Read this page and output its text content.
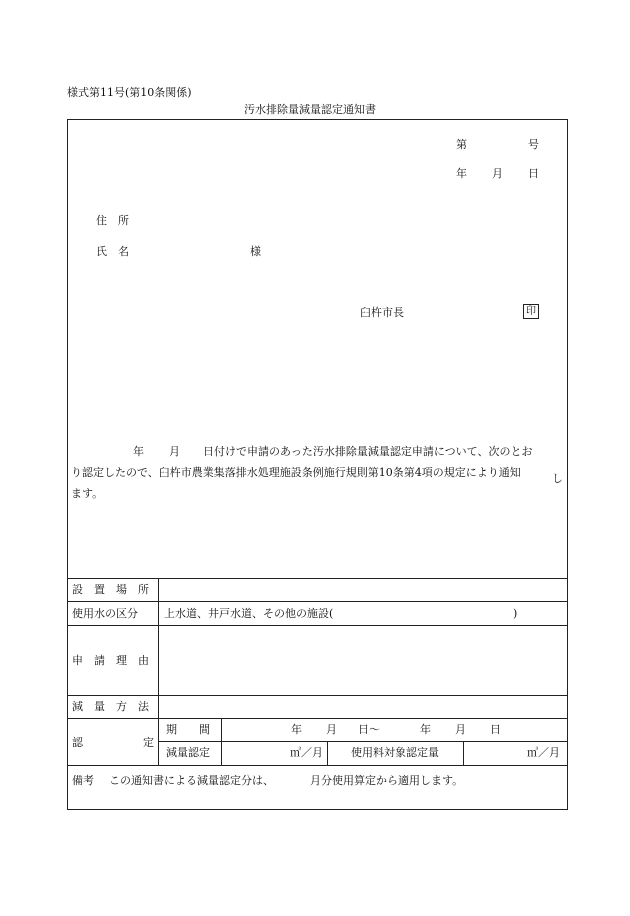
様式第11号(第10条関係)
汚水排除量減量認定通知書
第	号
年 月 日
住　所
氏　名	様
臼杵市長	印
年 月 日付けで申請のあった汚水排除量減量認定申請について、次のとお
り認定したので、臼杵市農業集落排水処理施設条例施行規則第10条第4項の規定により通知	し
ます。
設　置　場　所
使用水の区分 上水道、井戸水道、その他の施設(	)
申　請　理　由
減　量　方　法
認	定
期　　間	年 月 日〜	年 月 日
減量認定	㎥／月	使用料対象認定量	㎥／月
備考 この通知書による減量認定分は、	月分使用算定から適用します。
